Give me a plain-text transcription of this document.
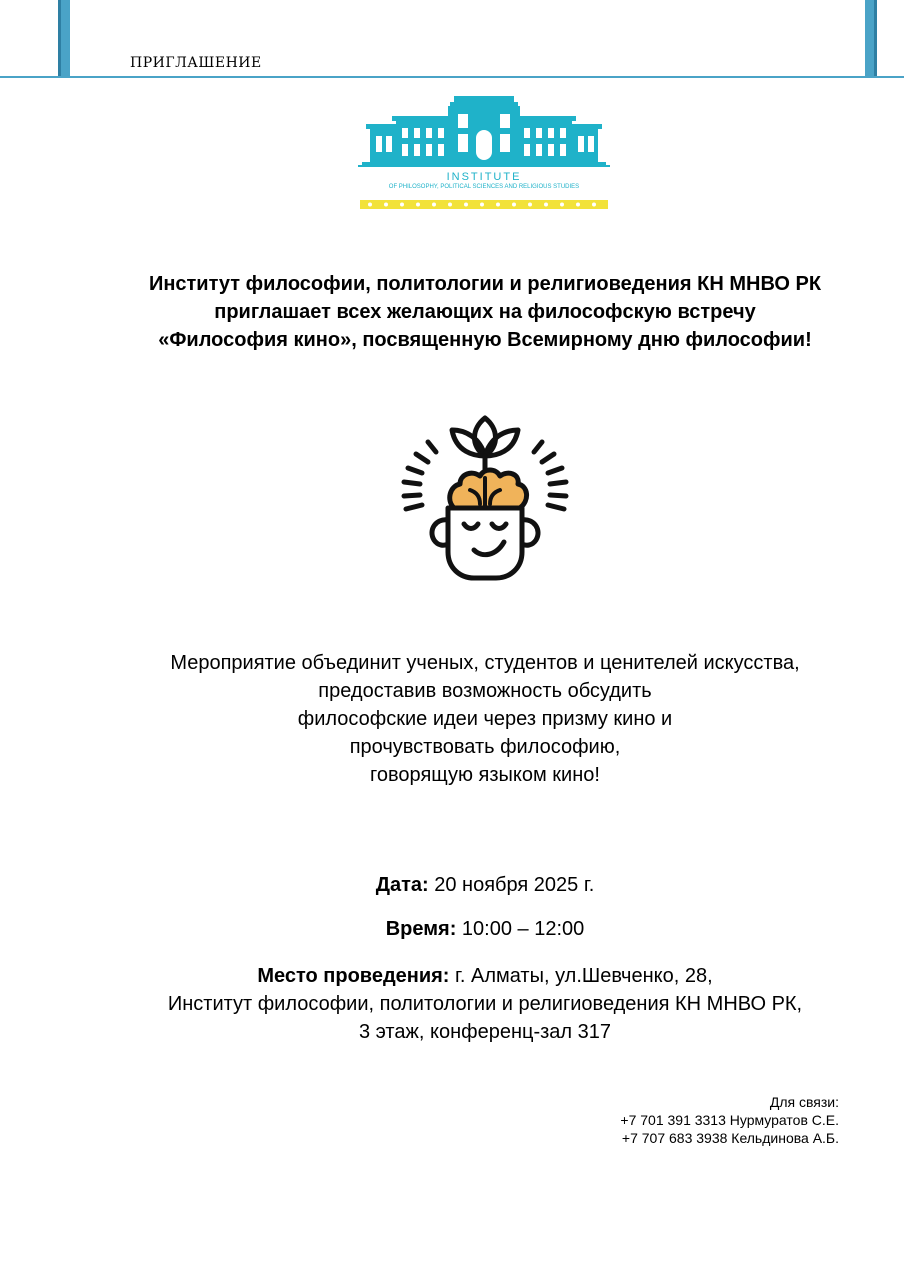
ПРИГЛАШЕНИЕ
INSTITUTE
OF PHILOSOPHY, POLITICAL SCIENCES AND RELIGIOUS STUDIES
Институт философии, политологии и религиоведения КН МНВО РК
приглашает всех желающих на философскую встречу
«Философия кино», посвященную Всемирному дню философии!
Мероприятие объединит ученых, студентов и ценителей искусства,
предоставив возможность обсудить
философские идеи через призму кино и
прочувствовать философию,
говорящую языком кино!

Дата: 20 ноября 2025 г.

Время: 10:00 – 12:00

Место проведения: г. Алматы, ул.Шевченко, 28,
Институт философии, политологии и религиоведения КН МНВО РК,
3 этаж, конференц-зал 317
Для связи:
+7 701 391 3313 Нурмуратов С.Е.
+7 707 683 3938 Кельдинова А.Б.
